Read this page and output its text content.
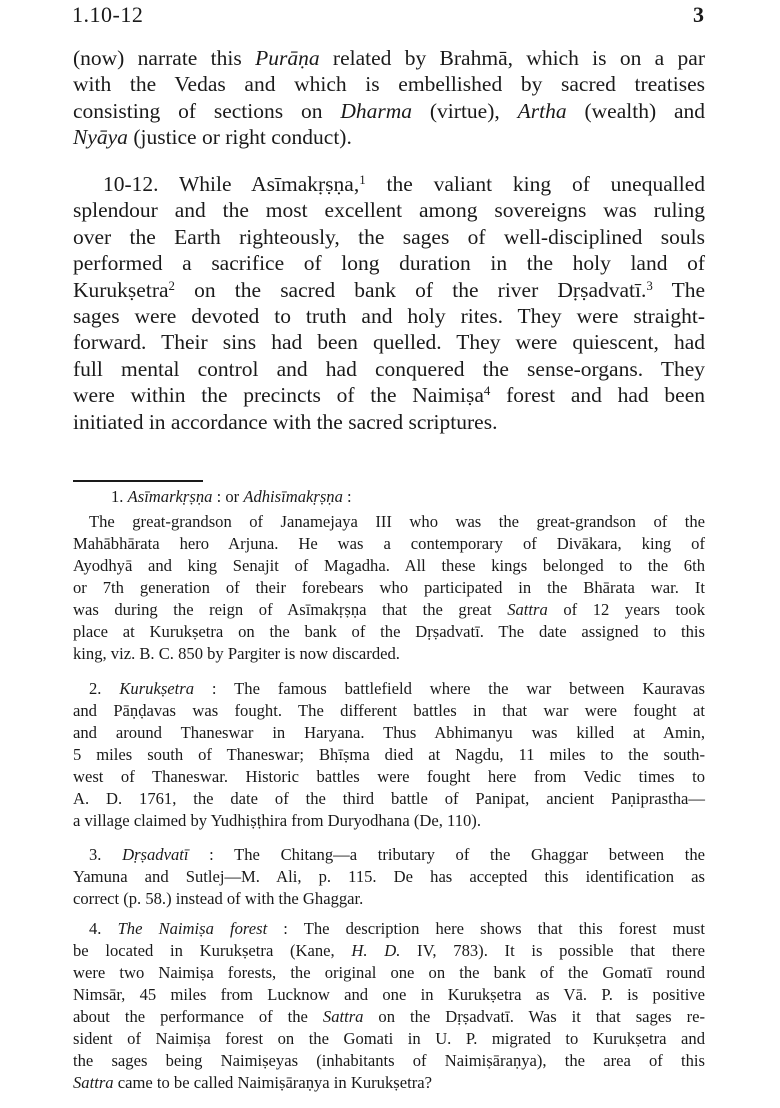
1.10-12	3
(now) narrate this Purāṇa related by Brahmā, which is on a par
with the Vedas and which is embellished by sacred treatises
consisting of sections on Dharma (virtue), Artha (wealth) and
Nyāya (justice or right conduct).
10-12. While Asīmakṛṣṇa,$^1$ the valiant king of unequalled
splendour and the most excellent among sovereigns was ruling
over the Earth righteously, the sages of well-disciplined souls
performed a sacrifice of long duration in the holy land of
Kurukṣetra$^2$ on the sacred bank of the river Dṛṣadvatī.$^3$ The
sages were devoted to truth and holy rites. They were straight-
forward. Their sins had been quelled. They were quiescent, had
full mental control and had conquered the sense-organs. They
were within the precincts of the Naimiṣa$^4$ forest and had been
initiated in accordance with the sacred scriptures.
1. Asīmarkṛṣṇa : or Adhisīmakṛṣṇa :
The great-grandson of Janamejaya III who was the great-grandson of the
Mahābhārata hero Arjuna. He was a contemporary of Divākara, king of
Ayodhyā and king Senajit of Magadha. All these kings belonged to the 6th
or 7th generation of their forebears who participated in the Bhārata war. It
was during the reign of Asīmakṛṣṇa that the great Sattra of 12 years took
place at Kurukṣetra on the bank of the Dṛṣadvatī. The date assigned to this
king, viz. B. C. 850 by Pargiter is now discarded.
2. Kurukṣetra : The famous battlefield where the war between Kauravas
and Pāṇḍavas was fought. The different battles in that war were fought at
and around Thaneswar in Haryana. Thus Abhimanyu was killed at Amin,
5 miles south of Thaneswar; Bhīṣma died at Nagdu, 11 miles to the south-
west of Thaneswar. Historic battles were fought here from Vedic times to
A. D. 1761, the date of the third battle of Panipat, ancient Paṇiprastha—
a village claimed by Yudhiṣṭhira from Duryodhana (De, 110).
3. Dṛṣadvatī : The Chitang—a tributary of the Ghaggar between the
Yamuna and Sutlej—M. Ali, p. 115. De has accepted this identification as
correct (p. 58.) instead of with the Ghaggar.
4. The Naimiṣa forest : The description here shows that this forest must
be located in Kurukṣetra (Kane, H. D. IV, 783). It is possible that there
were two Naimiṣa forests, the original one on the bank of the Gomatī round
Nimsār, 45 miles from Lucknow and one in Kurukṣetra as Vā. P. is positive
about the performance of the Sattra on the Dṛṣadvatī. Was it that sages re-
sident of Naimiṣa forest on the Gomati in U. P. migrated to Kurukṣetra and
the sages being Naimiṣeyas (inhabitants of Naimiṣāraṇya), the area of this
Sattra came to be called Naimiṣāraṇya in Kurukṣetra?
